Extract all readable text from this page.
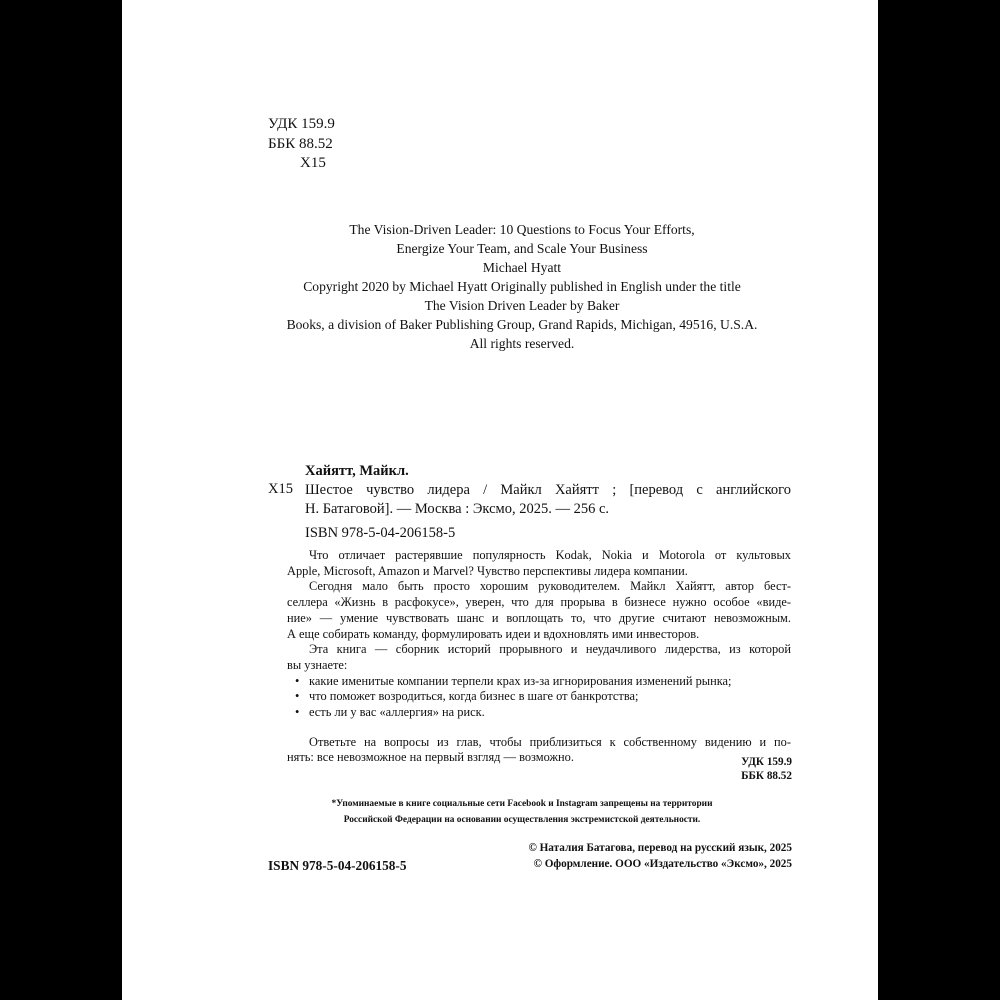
УДК 159.9
ББК 88.52
Х15
The Vision-Driven Leader: 10 Questions to Focus Your Efforts,
Energize Your Team, and Scale Your Business
Michael Hyatt
Copyright 2020 by Michael Hyatt Originally published in English under the title
The Vision Driven Leader by Baker
Books, a division of Baker Publishing Group, Grand Rapids, Michigan, 49516, U.S.A.
All rights reserved.
Хайятт, Майкл.
Х15 Шестое чувство лидера / Майкл Хайятт ; [перевод с английского
Н. Батаговой]. — Москва : Эксмо, 2025. — 256 с.
ISBN 978-5-04-206158-5
Что отличает растерявшие популярность Kodak, Nokia и Motorola от культовых
Apple, Microsoft, Amazon и Marvel? Чувство перспективы лидера компании.
Сегодня мало быть просто хорошим руководителем. Майкл Хайятт, автор бест-
селлера «Жизнь в расфокусе», уверен, что для прорыва в бизнесе нужно особое «виде-
ние» — умение чувствовать шанс и воплощать то, что другие считают невозможным.
А еще собирать команду, формулировать идеи и вдохновлять ими инвесторов.
Эта книга — сборник историй прорывного и неудачливого лидерства, из которой
вы узнаете:
• какие именитые компании терпели крах из-за игнорирования изменений рынка;
• что поможет возродиться, когда бизнес в шаге от банкротства;
• есть ли у вас «аллергия» на риск.
Ответьте на вопросы из глав, чтобы приблизиться к собственному видению и по-
нять: все невозможное на первый взгляд — возможно.	УДК 159.9
ББК 88.52
*Упоминаемые в книге социальные сети Facebook и Instagram запрещены на территории
Российской Федерации на основании осуществления экстремистской деятельности.
ISBN 978-5-04-206158-5
© Наталия Батагова, перевод на русский язык, 2025
© Оформление. ООО «Издательство «Эксмо», 2025
